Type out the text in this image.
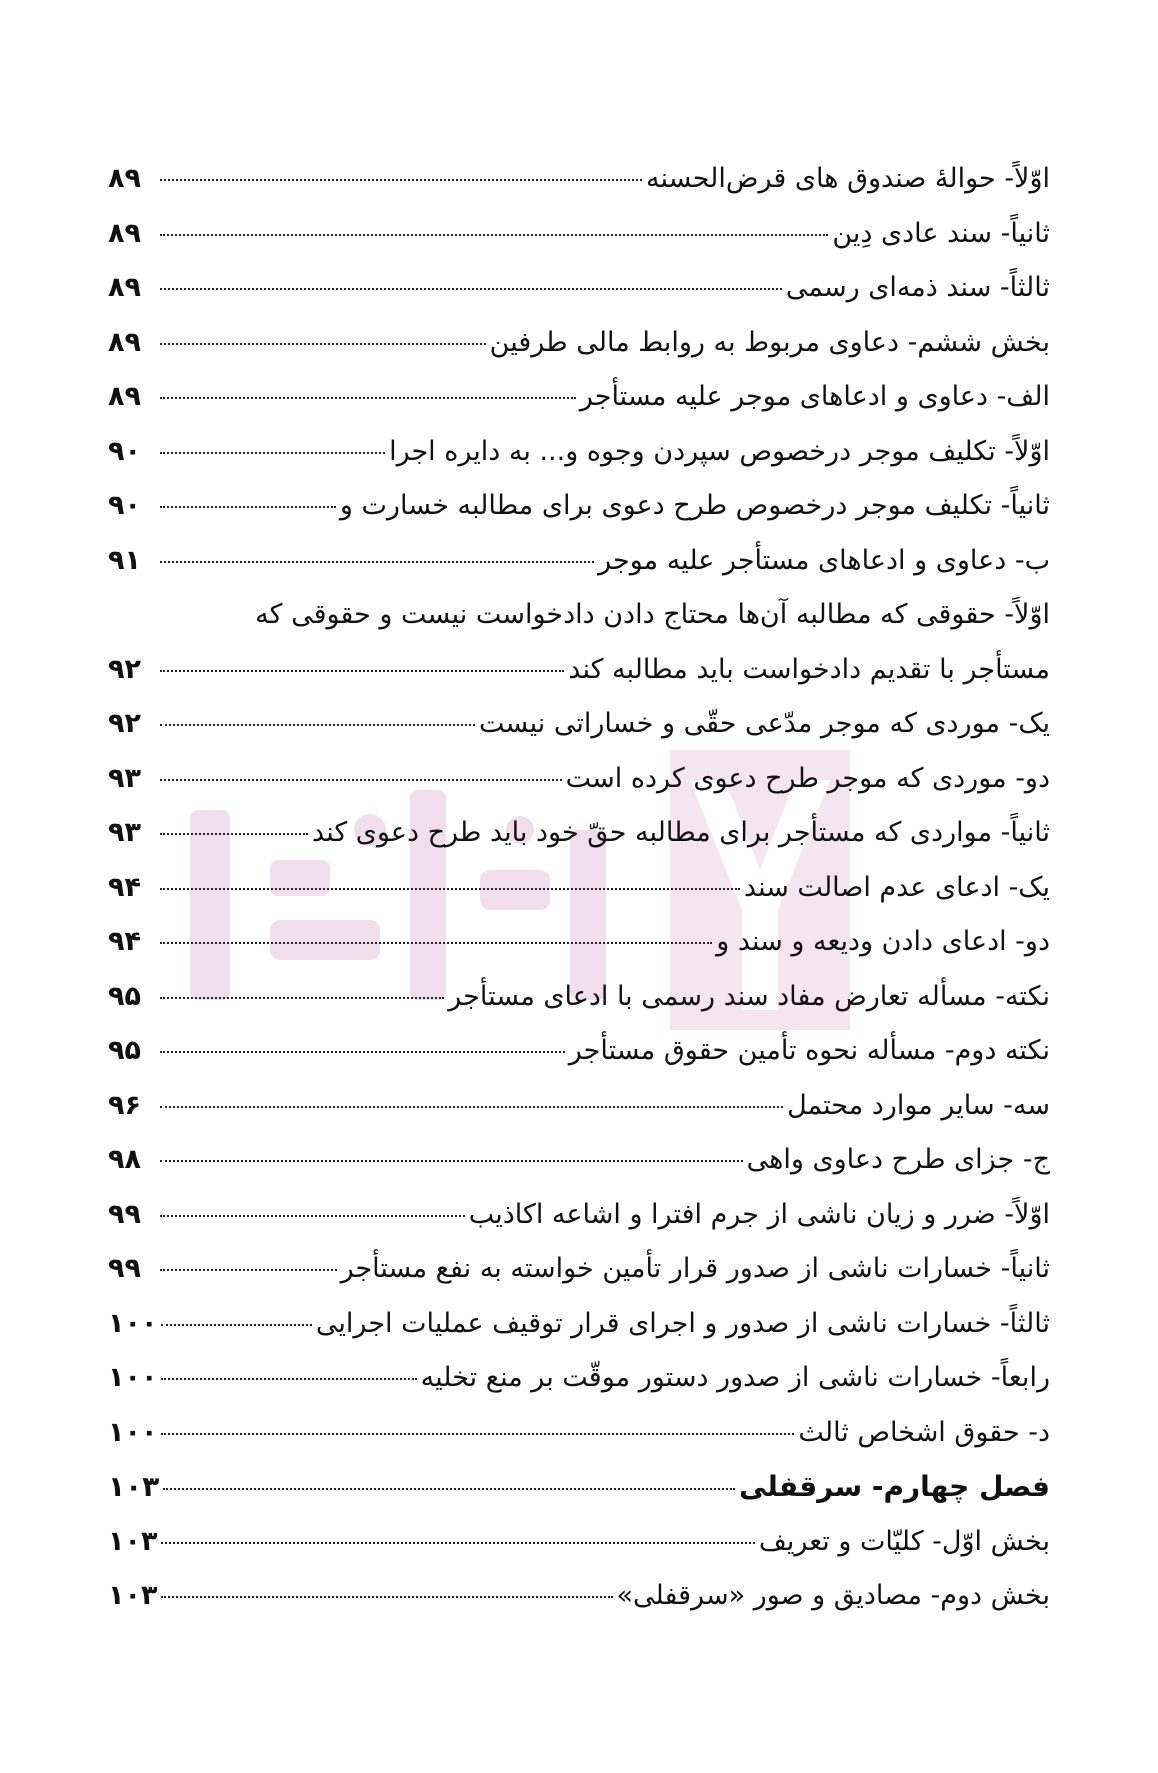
اوّلاً- حوالهٔ صندوق های قرض‌الحسنه
۸۹
ثانیاً- سند عادی دِین
۸۹
ثالثاً- سند ذمه‌ای رسمی
۸۹
بخش ششم- دعاوی مربوط به روابط مالی طرفین
۸۹
الف- دعاوی و ادعاهای موجر علیه مستأجر
۸۹
اوّلاً- تکلیف موجر درخصوص سپردن وجوه و... به دایره اجرا
۹۰
ثانیاً- تکلیف موجر درخصوص طرح دعوی برای مطالبه خسارت و
۹۰
ب- دعاوی و ادعاهای مستأجر علیه موجر
۹۱
اوّلاً- حقوقی که مطالبه آن‌ها محتاج دادن دادخواست نیست و حقوقی که
مستأجر با تقدیم دادخواست باید مطالبه کند
۹۲
یک- موردی که موجر مدّعی حقّی و خساراتی نیست
۹۲
دو- موردی که موجر طرح دعوی کرده است
۹۳
ثانیاً- مواردی که مستأجر برای مطالبه حقّ خود باید طرح دعوی کند
۹۳
یک- ادعای عدم اصالت سند
۹۴
دو- ادعای دادن ودیعه و سند و
۹۴
نکته- مسأله تعارض مفاد سند رسمی با ادعای مستأجر
۹۵
نکته دوم- مسأله نحوه تأمین حقوق مستأجر
۹۵
سه- سایر موارد محتمل
۹۶
ج- جزای طرح دعاوی واهی
۹۸
اوّلاً- ضرر و زیان ناشی از جرم افترا و اشاعه اکاذیب
۹۹
ثانیاً- خسارات ناشی از صدور قرار تأمین خواسته به نفع مستأجر
۹۹
ثالثاً- خسارات ناشی از صدور و اجرای قرار توقیف عملیات اجرایی
۱۰۰
رابعاً- خسارات ناشی از صدور دستور موقّت بر منع تخلیه
۱۰۰
د- حقوق اشخاص ثالث
۱۰۰
فصل چهارم- سرقفلی
۱۰۳
بخش اوّل- کلیّات و تعریف
۱۰۳
بخش دوم- مصادیق و صور «سرقفلی»
۱۰۳
